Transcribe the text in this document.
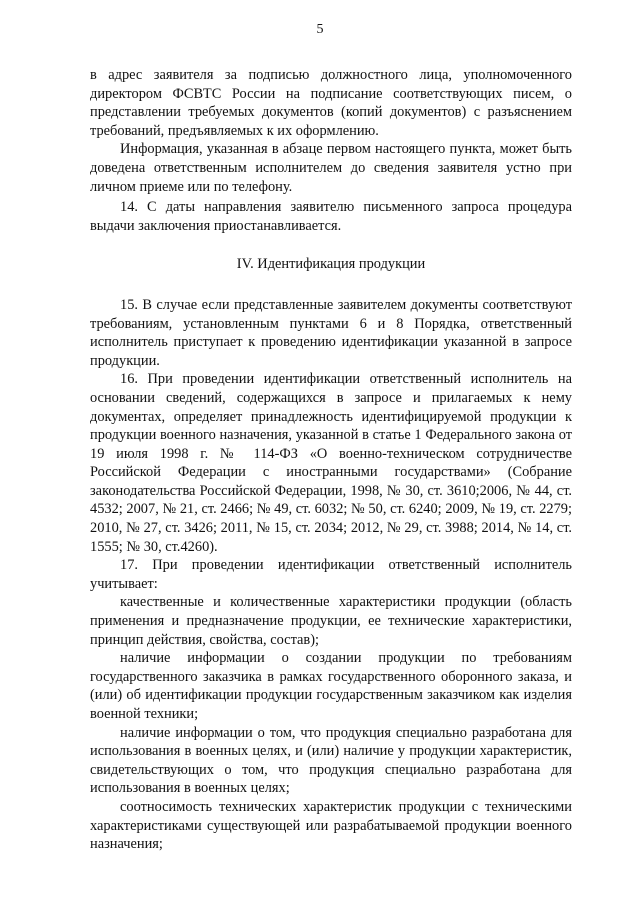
5

в адрес заявителя за подписью должностного лица, уполномоченного директором ФСВТС России на подписание соответствующих писем, о представлении требуемых документов (копий документов) с разъяснением требований, предъявляемых к их оформлению.

Информация, указанная в абзаце первом настоящего пункта, может быть доведена ответственным исполнителем до сведения заявителя устно при личном приеме или по телефону.

14. С даты направления заявителю письменного запроса процедура выдачи заключения приостанавливается.

IV. Идентификация продукции

15. В случае если представленные заявителем документы соответствуют требованиям, установленным пунктами 6 и 8 Порядка, ответственный исполнитель приступает к проведению идентификации указанной в запросе продукции.

16. При проведении идентификации ответственный исполнитель на основании сведений, содержащихся в запросе и прилагаемых к нему документах, определяет принадлежность идентифицируемой продукции к продукции военного назначения, указанной в статье 1 Федерального закона от 19 июля 1998 г. № 114-ФЗ «О военно-техническом сотрудничестве Российской Федерации с иностранными государствами» (Собрание законодательства Российской Федерации, 1998, № 30, ст. 3610;2006, № 44, ст. 4532; 2007, № 21, ст. 2466; № 49, ст. 6032; № 50, ст. 6240; 2009, № 19, ст. 2279; 2010, № 27, ст. 3426; 2011, № 15, ст. 2034; 2012, № 29, ст. 3988; 2014, № 14, ст. 1555; № 30, ст.4260).

17. При проведении идентификации ответственный исполнитель учитывает:

качественные и количественные характеристики продукции (область применения и предназначение продукции, ее технические характеристики, принцип действия, свойства, состав);

наличие информации о создании продукции по требованиям государственного заказчика в рамках государственного оборонного заказа, и (или) об идентификации продукции государственным заказчиком как изделия военной техники;

наличие информации о том, что продукция специально разработана для использования в военных целях, и (или) наличие у продукции характеристик, свидетельствующих о том, что продукция специально разработана для использования в военных целях;

соотносимость технических характеристик продукции с техническими характеристиками существующей или разрабатываемой продукции военного назначения;
